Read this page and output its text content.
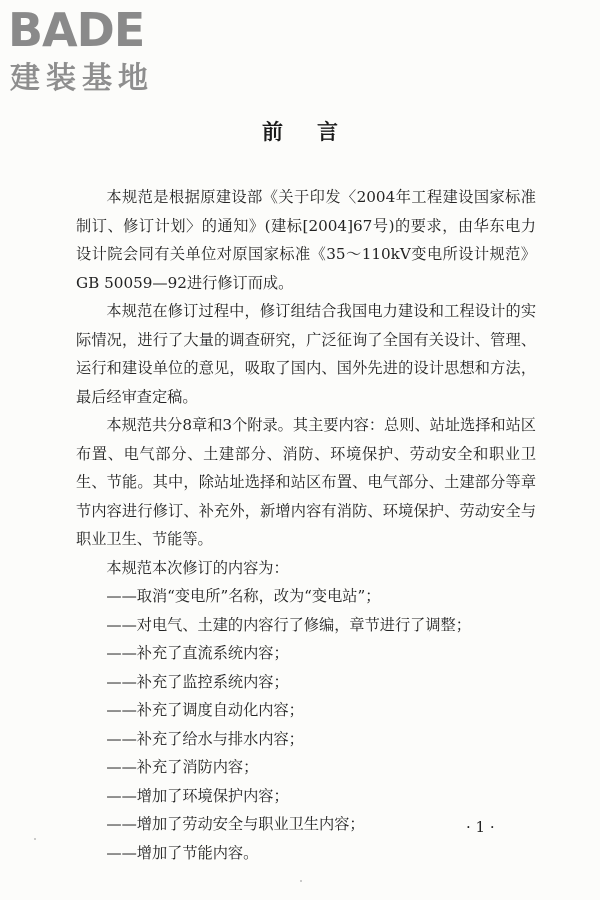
BADE
建装基地
前言

本规范是根据原建设部《关于印发〈2004年工程建设国家标准制订、修订计划〉的通知》(建标[2004]67号)的要求，由华东电力设计院会同有关单位对原国家标准《35～110kV变电所设计规范》GB 50059—92进行修订而成。

本规范在修订过程中，修订组结合我国电力建设和工程设计的实际情况，进行了大量的调查研究，广泛征询了全国有关设计、管理、运行和建设单位的意见，吸取了国内、国外先进的设计思想和方法，最后经审查定稿。

本规范共分8章和3个附录。其主要内容：总则、站址选择和站区布置、电气部分、土建部分、消防、环境保护、劳动安全和职业卫生、节能。其中，除站址选择和站区布置、电气部分、土建部分等章节内容进行修订、补充外，新增内容有消防、环境保护、劳动安全与职业卫生、节能等。

本规范本次修订的内容为：

——取消“变电所”名称，改为“变电站”；

——对电气、土建的内容行了修编，章节进行了调整；

——补充了直流系统内容；

——补充了监控系统内容；

——补充了调度自动化内容；

——补充了给水与排水内容；

——补充了消防内容；

——增加了环境保护内容；

——增加了劳动安全与职业卫生内容；

——增加了节能内容。

· 1 ·
